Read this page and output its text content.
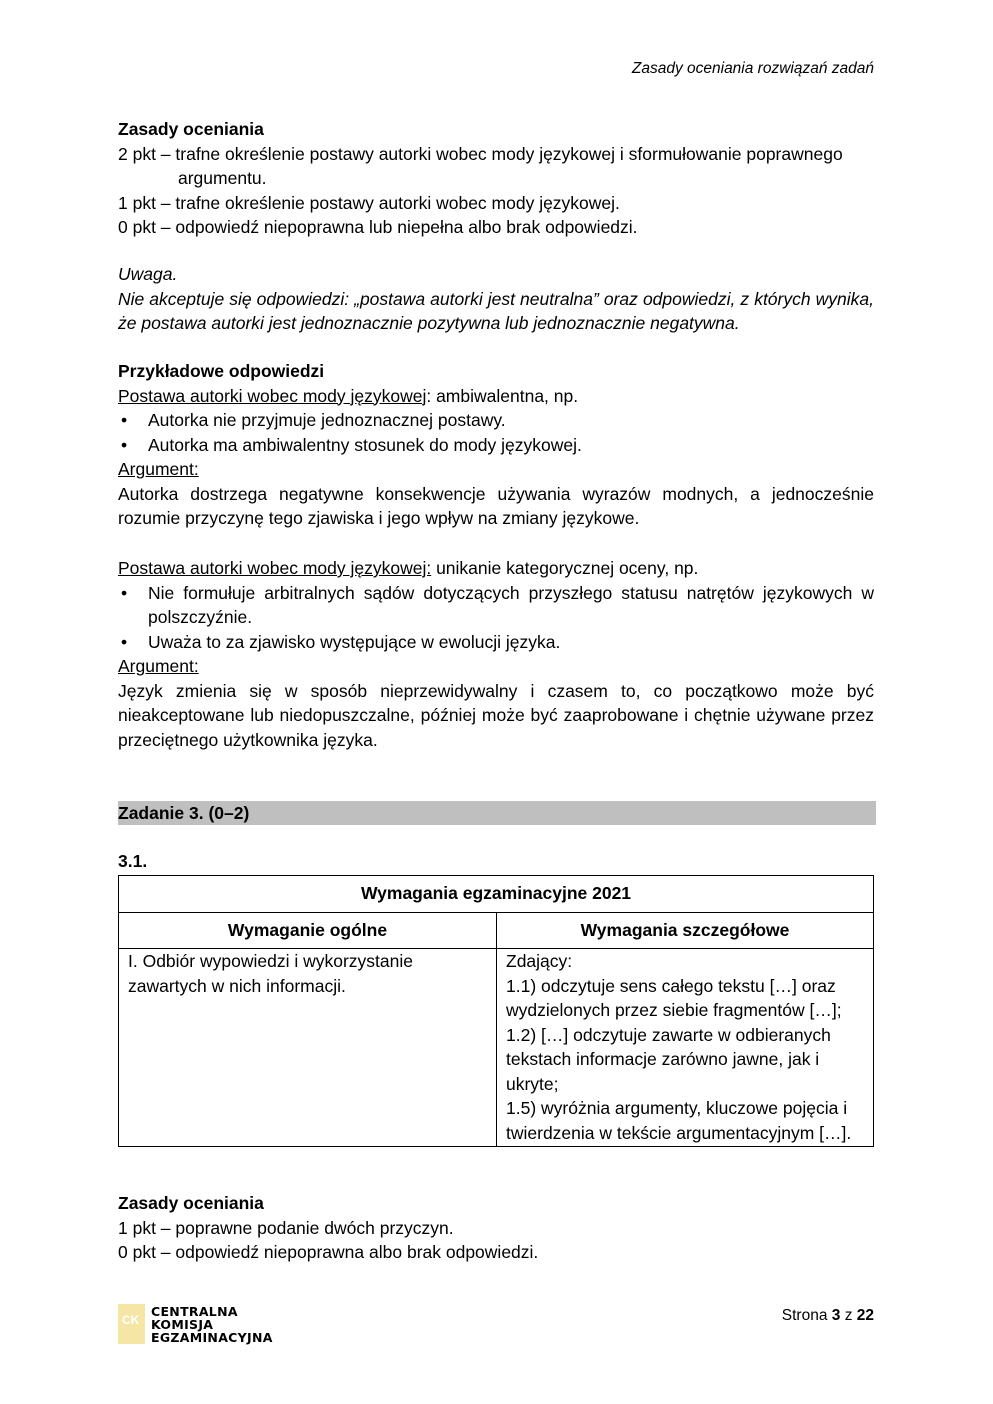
Zasady oceniania rozwiązań zadań

Zasady oceniania

2 pkt – trafne określenie postawy autorki wobec mody językowej i sformułowanie poprawnego argumentu.

1 pkt – trafne określenie postawy autorki wobec mody językowej.

0 pkt – odpowiedź niepoprawna lub niepełna albo brak odpowiedzi.

Uwaga.

Nie akceptuje się odpowiedzi: „postawa autorki jest neutralna” oraz odpowiedzi, z których wynika, że postawa autorki jest jednoznacznie pozytywna lub jednoznacznie negatywna.

Przykładowe odpowiedzi

Postawa autorki wobec mody językowej: ambiwalentna, np.

• Autorka nie przyjmuje jednoznacznej postawy.
• Autorka ma ambiwalentny stosunek do mody językowej.

Argument:

Autorka dostrzega negatywne konsekwencje używania wyrazów modnych, a jednocześnie rozumie przyczynę tego zjawiska i jego wpływ na zmiany językowe.

Postawa autorki wobec mody językowej: unikanie kategorycznej oceny, np.

• Nie formułuje arbitralnych sądów dotyczących przyszłego statusu natrętów językowych w polszczyźnie.
• Uważa to za zjawisko występujące w ewolucji języka.

Argument:

Język zmienia się w sposób nieprzewidywalny i czasem to, co początkowo może być nieakceptowane lub niedopuszczalne, później może być zaaprobowane i chętnie używane przez przeciętnego użytkownika języka.

Zadanie 3. (0–2)

3.1.

Wymagania egzaminacyjne 2021	
Wymaganie ogólne	Wymagania szczegółowe
I. Odbiór wypowiedzi i wykorzystanie zawartych w nich informacji.	Zdający:
1.1) odczytuje sens całego tekstu […] oraz wydzielonych przez siebie fragmentów […];
1.2) […] odczytuje zawarte w odbieranych tekstach informacje zarówno jawne, jak i ukryte;
1.5) wyróżnia argumenty, kluczowe pojęcia i twierdzenia w tekście argumentacyjnym […].

Zasady oceniania

1 pkt – poprawne podanie dwóch przyczyn.

0 pkt – odpowiedź niepoprawna albo brak odpowiedzi.

CK
CENTRALNA
KOMISJA
EGZAMINACYJNA
Strona 3 z 22
